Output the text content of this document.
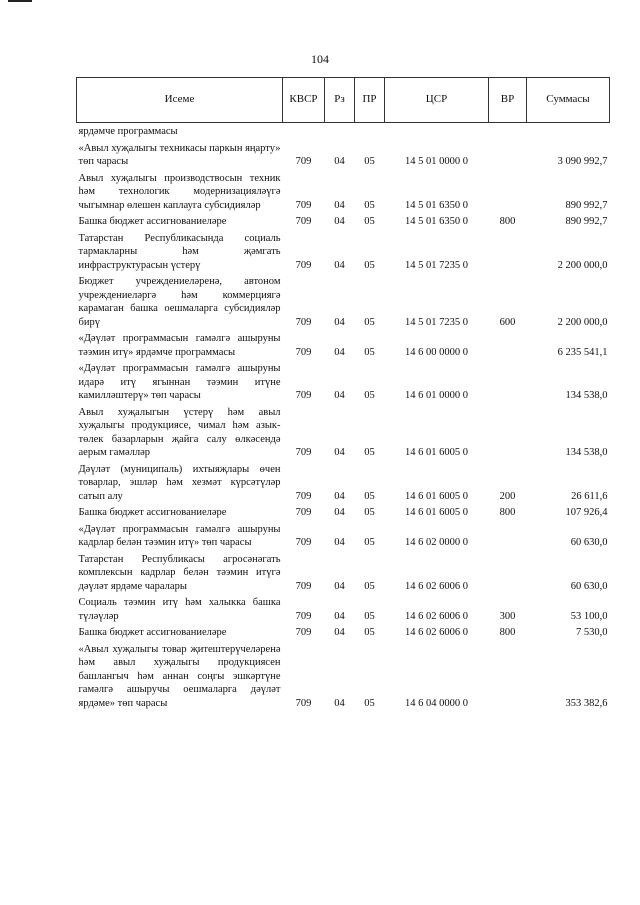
104
Исеме	КВСР	Рз	ПР	ЦСР	ВР	Суммасы
ярдәмче программасы						
«Авыл хуҗалыгы техникасы паркын яңарту» төп чарасы	709	04	05	14 5 01 0000 0		3 090 992,7
Авыл хуҗалыгы производствосын техник һәм технологик модернизацияләүгә чыгымнар өлешен каплауга субсидияләр	709	04	05	14 5 01 6350 0		890 992,7
Башка бюджет ассигнованиеләре	709	04	05	14 5 01 6350 0	800	890 992,7
Татарстан Республикасында социаль тармакларны һәм җәмгать инфраструктурасын үстерү	709	04	05	14 5 01 7235 0		2 200 000,0
Бюджет учреждениеләренә, автоном учреждениеләргә һәм коммерциягә карамаган башка оешмаларга субсидияләр бирү	709	04	05	14 5 01 7235 0	600	2 200 000,0
«Дәүләт программасын гамәлгә ашыруны тәэмин итү» ярдәмче программасы	709	04	05	14 6 00 0000 0		6 235 541,1
«Дәүләт программасын гамәлгә ашыруны идарә итү ягыннан тәэмин итүне камилләштерү» төп чарасы	709	04	05	14 6 01 0000 0		134 538,0
Авыл хуҗалыгын үстерү һәм авыл хуҗалыгы продукциясе, чимал һәм азык-төлек базарларын җайга салу өлкәсендә аерым гамәлләр	709	04	05	14 6 01 6005 0		134 538,0
Дәүләт (муниципаль) ихтыяҗлары өчен товарлар, эшләр һәм хезмәт күрсәтүләр сатып алу	709	04	05	14 6 01 6005 0	200	26 611,6
Башка бюджет ассигнованиеләре	709	04	05	14 6 01 6005 0	800	107 926,4
«Дәүләт программасын гамәлгә ашыруны кадрлар белән тәэмин итү» төп чарасы	709	04	05	14 6 02 0000 0		60 630,0
Татарстан Республикасы агросәнәгать комплексын кадрлар белән тәэмин итүгә дәүләт ярдәме чаралары	709	04	05	14 6 02 6006 0		60 630,0
Социаль тәэмин итү һәм халыкка башка түләүләр	709	04	05	14 6 02 6006 0	300	53 100,0
Башка бюджет ассигнованиеләре	709	04	05	14 6 02 6006 0	800	7 530,0
«Авыл хуҗалыгы товар җитештерүчеләренә һәм авыл хуҗалыгы продукциясен башлангыч һәм аннан соңгы эшкәртүне гамәлгә ашыручы оешмаларга дәүләт ярдәме» төп чарасы	709	04	05	14 6 04 0000 0		353 382,6
